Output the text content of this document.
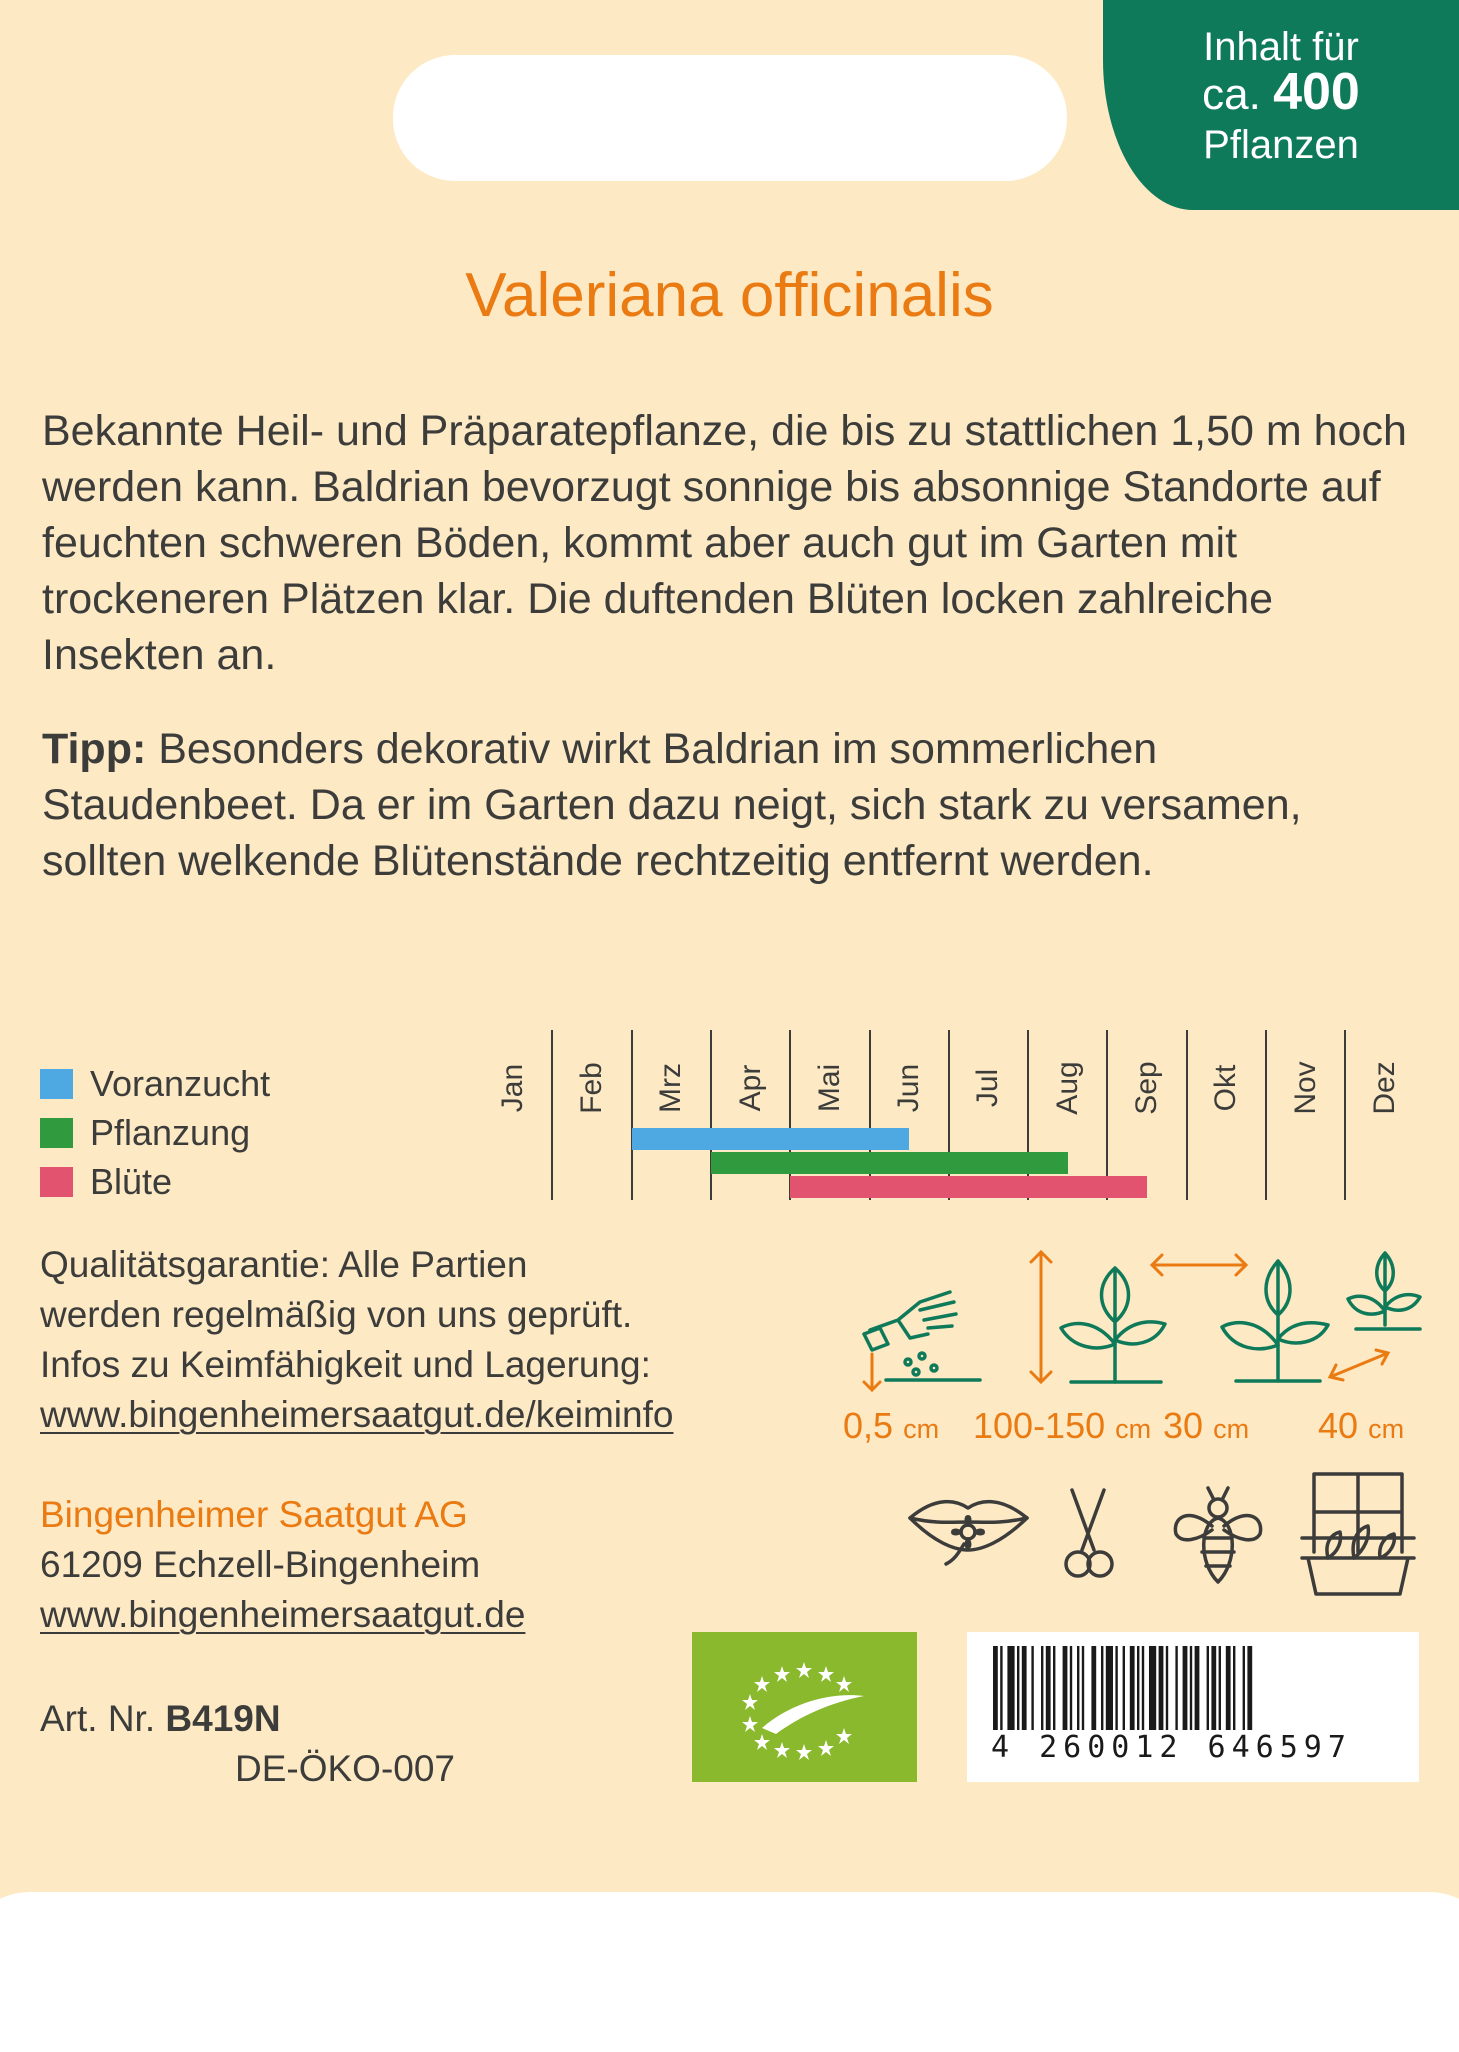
Inhalt für
ca. 400
Pflanzen
Valeriana officinalis

Bekannte Heil- und Präparatepflanze, die bis zu stattlichen 1,50 m hoch werden kann. Baldrian bevorzugt sonnige bis absonnige Standorte auf feuchten schweren Böden, kommt aber auch gut im Garten mit trockeneren Plätzen klar. Die duftenden Blüten locken zahlreiche Insekten an.

Tipp: Besonders dekorativ wirkt Baldrian im sommerlichen Staudenbeet. Da er im Garten dazu neigt, sich stark zu versamen, sollten welkende Blütenstände rechtzeitig entfernt werden.

Voranzucht
Pflanzung
Blüte
Jan Feb Mrz Apr Mai Jun Jul Aug Sep Okt Nov Dez
Qualitätsgarantie: Alle Partien
werden regelmäßig von uns geprüft.
Infos zu Keimfähigkeit und Lagerung:
www.bingenheimersaatgut.de/keiminfo	0,5 cm 100-150 cm 30 cm 40 cm
Bingenheimer Saatgut AG
61209 Echzell-Bingenheim
www.bingenheimersaatgut.de
Art. Nr. B419N
DE-ÖKO-007
4 260012 646597
